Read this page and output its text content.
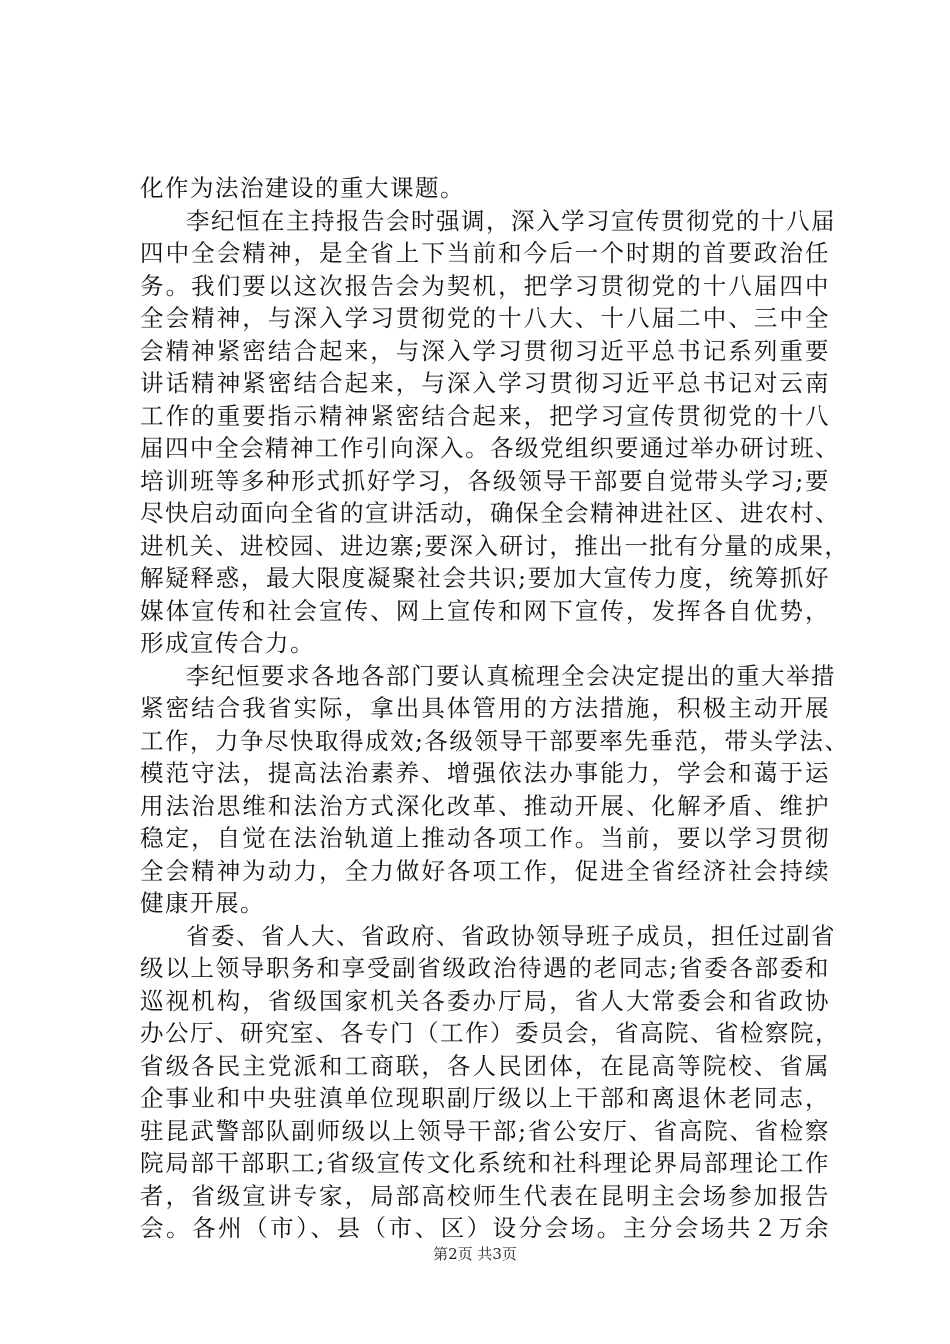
化作为法治建设的重大课题。
李纪恒在主持报告会时强调，深入学习宣传贯彻党的十八届
四中全会精神，是全省上下当前和今后一个时期的首要政治任
务。我们要以这次报告会为契机，把学习贯彻党的十八届四中
全会精神，与深入学习贯彻党的十八大、十八届二中、三中全
会精神紧密结合起来，与深入学习贯彻习近平总书记系列重要
讲话精神紧密结合起来，与深入学习贯彻习近平总书记对云南
工作的重要指示精神紧密结合起来，把学习宣传贯彻党的十八
届四中全会精神工作引向深入。各级党组织要通过举办研讨班、
培训班等多种形式抓好学习，各级领导干部要自觉带头学习;要
尽快启动面向全省的宣讲活动，确保全会精神进社区、进农村、
进机关、进校园、进边寨;要深入研讨，推出一批有分量的成果，
解疑释惑，最大限度凝聚社会共识;要加大宣传力度，统筹抓好
媒体宣传和社会宣传、网上宣传和网下宣传，发挥各自优势，
形成宣传合力。
李纪恒要求各地各部门要认真梳理全会决定提出的重大举措
紧密结合我省实际，拿出具体管用的方法措施，积极主动开展
工作，力争尽快取得成效;各级领导干部要率先垂范，带头学法、
模范守法，提高法治素养、增强依法办事能力，学会和蔼于运
用法治思维和法治方式深化改革、推动开展、化解矛盾、维护
稳定，自觉在法治轨道上推动各项工作。当前，要以学习贯彻
全会精神为动力，全力做好各项工作，促进全省经济社会持续
健康开展。
省委、省人大、省政府、省政协领导班子成员，担任过副省
级以上领导职务和享受副省级政治待遇的老同志;省委各部委和
巡视机构，省级国家机关各委办厅局，省人大常委会和省政协
办公厅、研究室、各专门（工作）委员会，省高院、省检察院，
省级各民主党派和工商联，各人民团体，在昆高等院校、省属
企事业和中央驻滇单位现职副厅级以上干部和离退休老同志，
驻昆武警部队副师级以上领导干部;省公安厅、省高院、省检察
院局部干部职工;省级宣传文化系统和社科理论界局部理论工作
者，省级宣讲专家，局部高校师生代表在昆明主会场参加报告
会。各州（市）、县（市、区）设分会场。主分会场共２万余
第2页 共3页
